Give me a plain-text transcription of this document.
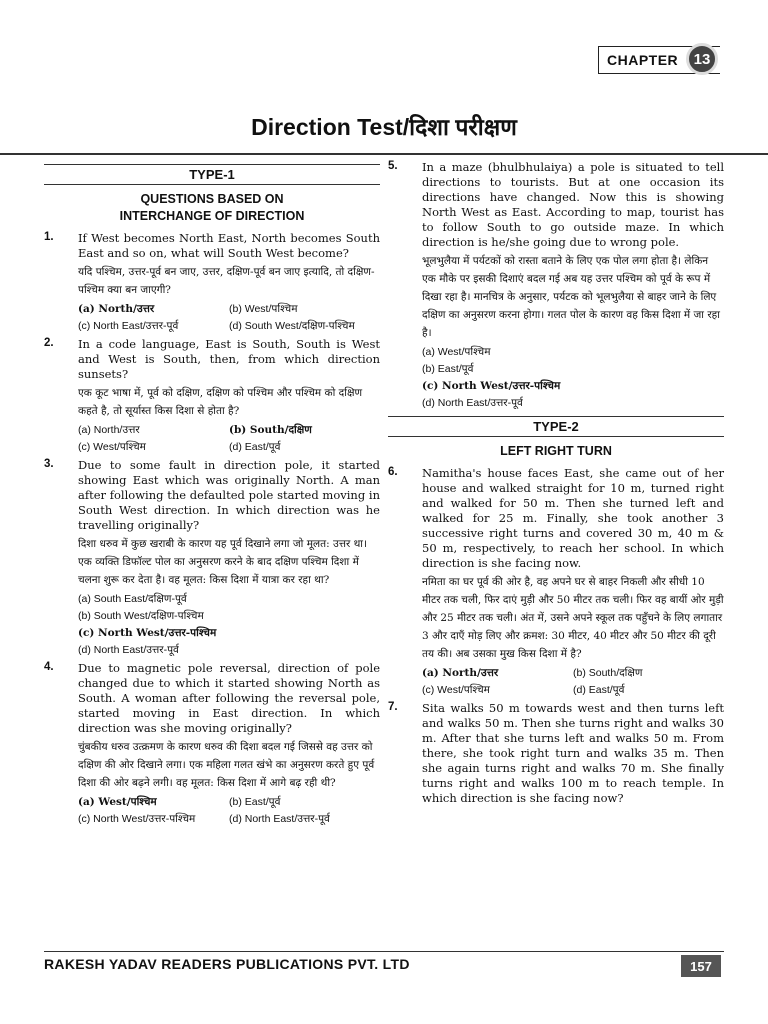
CHAPTER	13
Direction Test/दिशा परीक्षण
TYPE-1
QUESTIONS BASED ON
INTERCHANGE OF DIRECTION
1.	If West becomes North East, North becomes South East and so on, what will South West become?
यदि पश्चिम, उत्तर-पूर्व बन जाए, उत्तर, दक्षिण-पूर्व बन जाए इत्यादि, तो दक्षिण-पश्चिम क्या बन जाएगी?
(a) North/उत्तर	(b) West/पश्चिम
(c) North East/उत्तर-पूर्व	(d) South West/दक्षिण-पश्चिम
2.	In a code language, East is South, South is West and West is South, then, from which direction sunsets?
एक कूट भाषा में, पूर्व को दक्षिण, दक्षिण को पश्चिम और पश्चिम को दक्षिण कहते है, तो सूर्यास्त किस दिशा से होता है?
(a) North/उत्तर	(b) South/दक्षिण
(c) West/पश्चिम	(d) East/पूर्व
3.	Due to some fault in direction pole, it started showing East which was originally North. A man after following the defaulted pole started moving in South West direction. In which direction was he travelling originally?
दिशा धरुव में कुछ खराबी के कारण यह पूर्व दिखाने लगा जो मूलत: उत्तर था। एक व्यक्ति डिफॉल्ट पोल का अनुसरण करने के बाद दक्षिण पश्चिम दिशा में चलना शुरू कर देता है। वह मूलत: किस दिशा में यात्रा कर रहा था?
(a) South East/दक्षिण-पूर्व
(b) South West/दक्षिण-पश्चिम
(c) North West/उत्तर-पश्चिम
(d) North East/उत्तर-पूर्व
4.	Due to magnetic pole reversal, direction of pole changed due to which it started showing North as South. A woman after following the reversal pole, started moving in East direction. In which direction was she moving originally?
चुंबकीय धरुव उत्क्रमण के कारण धरुव की दिशा बदल गई जिससे वह उत्तर को दक्षिण की ओर दिखाने लगा। एक महिला गलत खंभे का अनुसरण करते हुए पूर्व दिशा की ओर बढ़ने लगी। वह मूलत: किस दिशा में आगे बढ़ रही थी?
(a) West/पश्चिम	(b) East/पूर्व
(c) North West/उत्तर-पश्चिम	(d) North East/उत्तर-पूर्व
5.	In a maze (bhulbhulaiya) a pole is situated to tell directions to tourists. But at one occasion its directions have changed. Now this is showing North West as East. According to map, tourist has to follow South to go outside maze. In which direction is he/she going due to wrong pole.
भूलभुलैया में पर्यटकों को रास्ता बताने के लिए एक पोल लगा होता है। लेकिन एक मौके पर इसकी दिशाएं बदल गई अब यह उत्तर पश्चिम को पूर्व के रूप में दिखा रहा है। मानचित्र के अनुसार, पर्यटक को भूलभुलैया से बाहर जाने के लिए दक्षिण का अनुसरण करना होगा। गलत पोल के कारण वह किस दिशा में जा रहा है।
(a) West/पश्चिम
(b) East/पूर्व
(c) North West/उत्तर-पश्चिम
(d) North East/उत्तर-पूर्व
TYPE-2
LEFT RIGHT TURN
6.	Namitha's house faces East, she came out of her house and walked straight for 10 m, turned right and walked for 50 m. Then she turned left and walked for 25 m. Finally, she took another 3 successive right turns and covered 30 m, 40 m & 50 m, respectively, to reach her school. In which direction is she facing now.
नमिता का घर पूर्व की ओर है, वह अपने घर से बाहर निकली और सीधी 10 मीटर तक चली, फिर दाएं मुड़ी और 50 मीटर तक चली। फिर वह बायीं ओर मुड़ी और 25 मीटर तक चली। अंत में, उसने अपने स्कूल तक पहुँचने के लिए लगातार 3 और दाएँ मोड़ लिए और क्रमश: 30 मीटर, 40 मीटर और 50 मीटर की दूरी तय की। अब उसका मुख किस दिशा में है?
(a) North/उत्तर	(b) South/दक्षिण
(c) West/पश्चिम	(d) East/पूर्व
7.	Sita walks 50 m towards west and then turns left and walks 50 m. Then she turns right and walks 30 m. After that she turns left and walks 50 m. From there, she took right turn and walks 35 m. Then she again turns right and walks 70 m. She finally turns right and walks 100 m to reach temple. In which direction is she facing now?
RAKESH YADAV READERS PUBLICATIONS PVT. LTD	157
